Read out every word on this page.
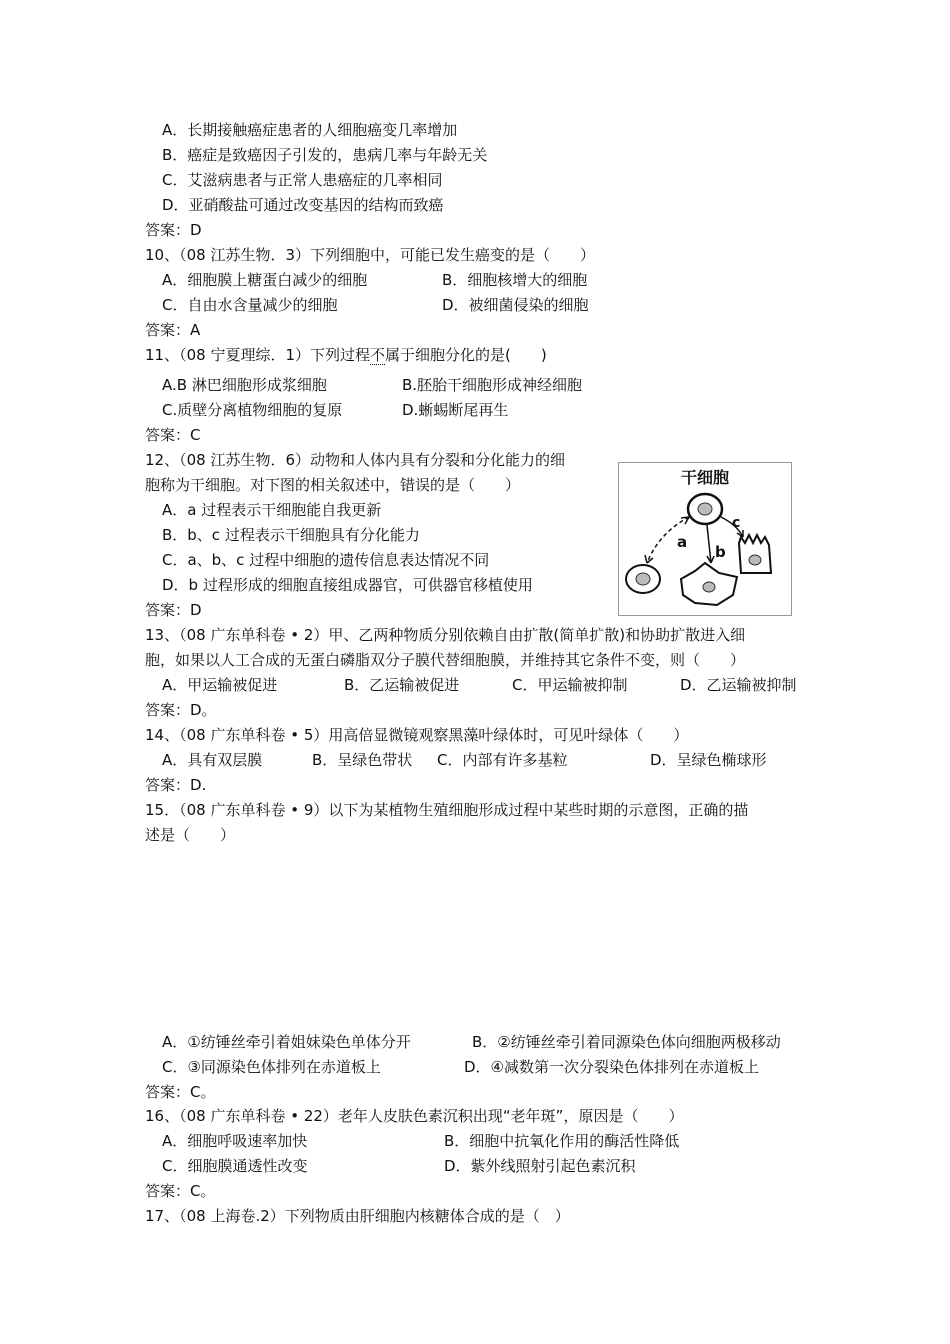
A．长期接触癌症患者的人细胞癌变几率增加
B．癌症是致癌因子引发的，患病几率与年龄无关
C．艾滋病患者与正常人患癌症的几率相同
D．亚硝酸盐可通过改变基因的结构而致癌
答案：D
10、（08 江苏生物．3）下列细胞中，可能已发生癌变的是（　　）
A．细胞膜上糖蛋白减少的细胞	B．细胞核增大的细胞
C．自由水含量减少的细胞	D．被细菌侵染的细胞
答案：A
11、（08 宁夏理综．1）下列过程不属于细胞分化的是(　　)
A.B 淋巴细胞形成浆细胞	B.胚胎干细胞形成神经细胞
C.质壁分离植物细胞的复原	D.蜥蜴断尾再生
答案：C
12、（08 江苏生物．6）动物和人体内具有分裂和分化能力的细
胞称为干细胞。对下图的相关叙述中，错误的是（　　）
A．a 过程表示干细胞能自我更新
B．b、c 过程表示干细胞具有分化能力
C．a、b、c 过程中细胞的遗传信息表达情况不同
D．b 过程形成的细胞直接组成器官，可供器官移植使用
答案：D
干细胞
a
b
c
13、（08 广东单科卷 • 2）甲、乙两种物质分别依赖自由扩散(简单扩散)和协助扩散进入细
胞，如果以人工合成的无蛋白磷脂双分子膜代替细胞膜，并维持其它条件不变，则（　　）
A．甲运输被促进	B．乙运输被促进	C．甲运输被抑制	D．乙运输被抑制
答案：D。
14、（08 广东单科卷 • 5）用高倍显微镜观察黑藻叶绿体时，可见叶绿体（　　）
A．具有双层膜	B．呈绿色带状 C．内部有许多基粒	D．呈绿色椭球形
答案：D.
15．（08 广东单科卷 • 9）以下为某植物生殖细胞形成过程中某些时期的示意图，正确的描
述是（　　）
A．①纺锤丝牵引着姐妹染色单体分开	B．②纺锤丝牵引着同源染色体向细胞两极移动
C．③同源染色体排列在赤道板上	D．④减数第一次分裂染色体排列在赤道板上
答案：C。
16、（08 广东单科卷 • 22）老年人皮肤色素沉积出现“老年斑”，原因是（　　）
A．细胞呼吸速率加快	B．细胞中抗氧化作用的酶活性降低
C．细胞膜通透性改变	D．紫外线照射引起色素沉积
答案：C。
17、（08 上海卷.2）下列物质由肝细胞内核糖体合成的是（　）
